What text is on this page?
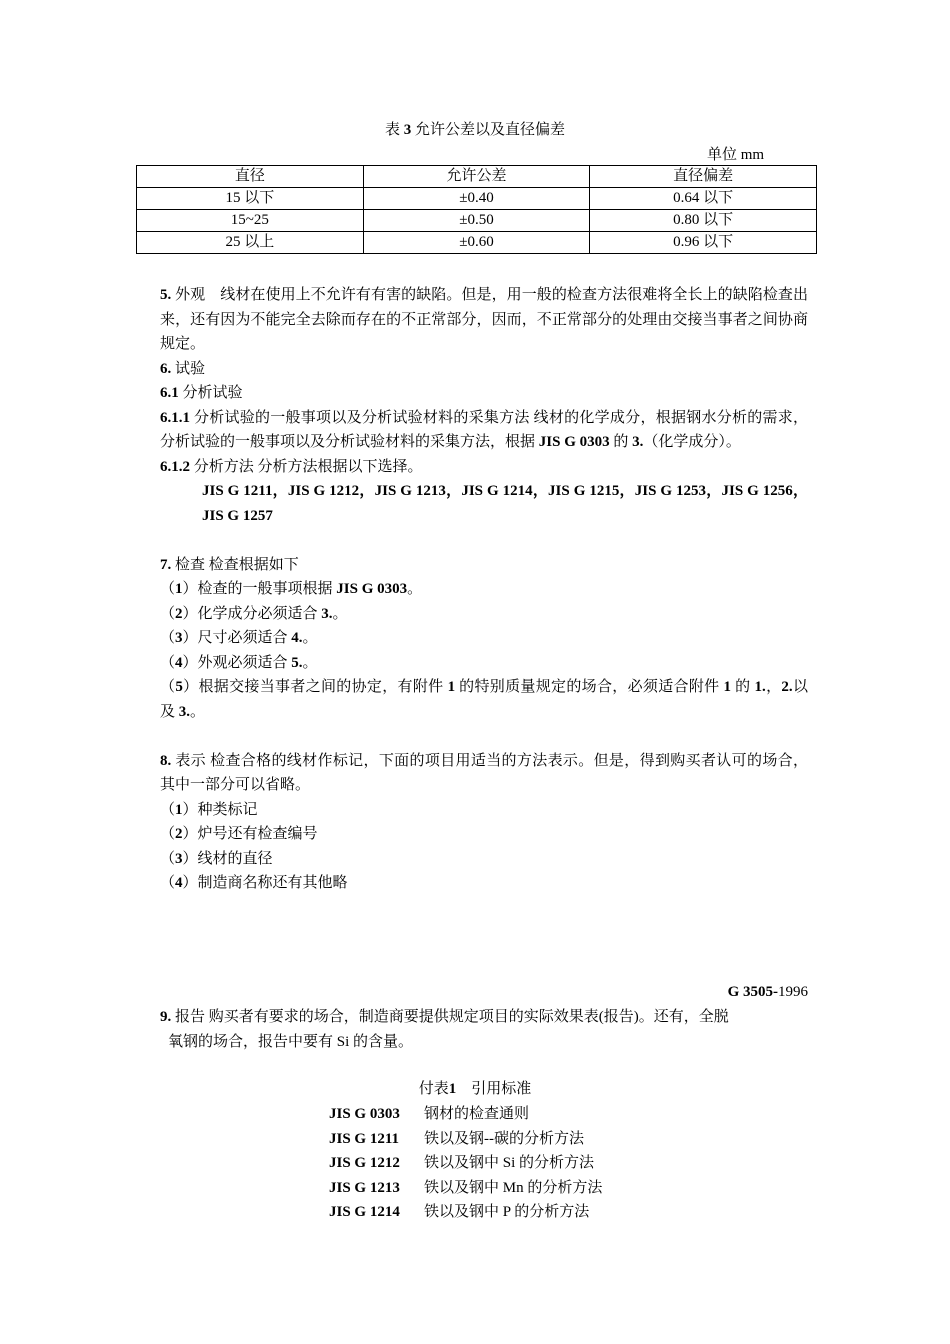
表 3 允许公差以及直径偏差
单位 mm
直径	允许公差	直径偏差
15 以下	±0.40	0.64 以下
15~25	±0.50	0.80 以下
25 以上	±0.60	0.96 以下

5. 外观　线材在使用上不允许有有害的缺陷。但是，用一般的检查方法很难将全长上的缺陷检查出来，还有因为不能完全去除而存在的不正常部分，因而，不正常部分的处理由交接当事者之间协商规定。

6. 试验

6.1 分析试验

6.1.1 分析试验的一般事项以及分析试验材料的采集方法 线材的化学成分，根据钢水分析的需求，分析试验的一般事项以及分析试验材料的采集方法，根据 JIS G 0303 的 3.（化学成分）。

6.1.2 分析方法 分析方法根据以下选择。

JIS G 1211，JIS G 1212，JIS G 1213，JIS G 1214，JIS G 1215，JIS G 1253，JIS G 1256，JIS G 1257

7. 检查 检查根据如下

（1）检查的一般事项根据 JIS G 0303。

（2）化学成分必须适合 3.。

（3）尺寸必须适合 4.。

（4）外观必须适合 5.。

（5）根据交接当事者之间的协定，有附件 1 的特别质量规定的场合，必须适合附件 1 的 1.，2.以及 3.。

8. 表示 检查合格的线材作标记，下面的项目用适当的方法表示。但是，得到购买者认可的场合，其中一部分可以省略。

（1）种类标记

（2）炉号还有检查编号

（3）线材的直径

（4）制造商名称还有其他略

G 3505-1996

9. 报告 购买者有要求的场合，制造商要提供规定项目的实际效果表(报告)。还有，全脱

氧钢的场合，报告中要有 Si 的含量。

付表1 引用标准
JIS G 0303 钢材的检查通则
JIS G 1211 铁以及钢--碳的分析方法
JIS G 1212 铁以及钢中 Si 的分析方法
JIS G 1213 铁以及钢中 Mn 的分析方法
JIS G 1214 铁以及钢中 P 的分析方法
